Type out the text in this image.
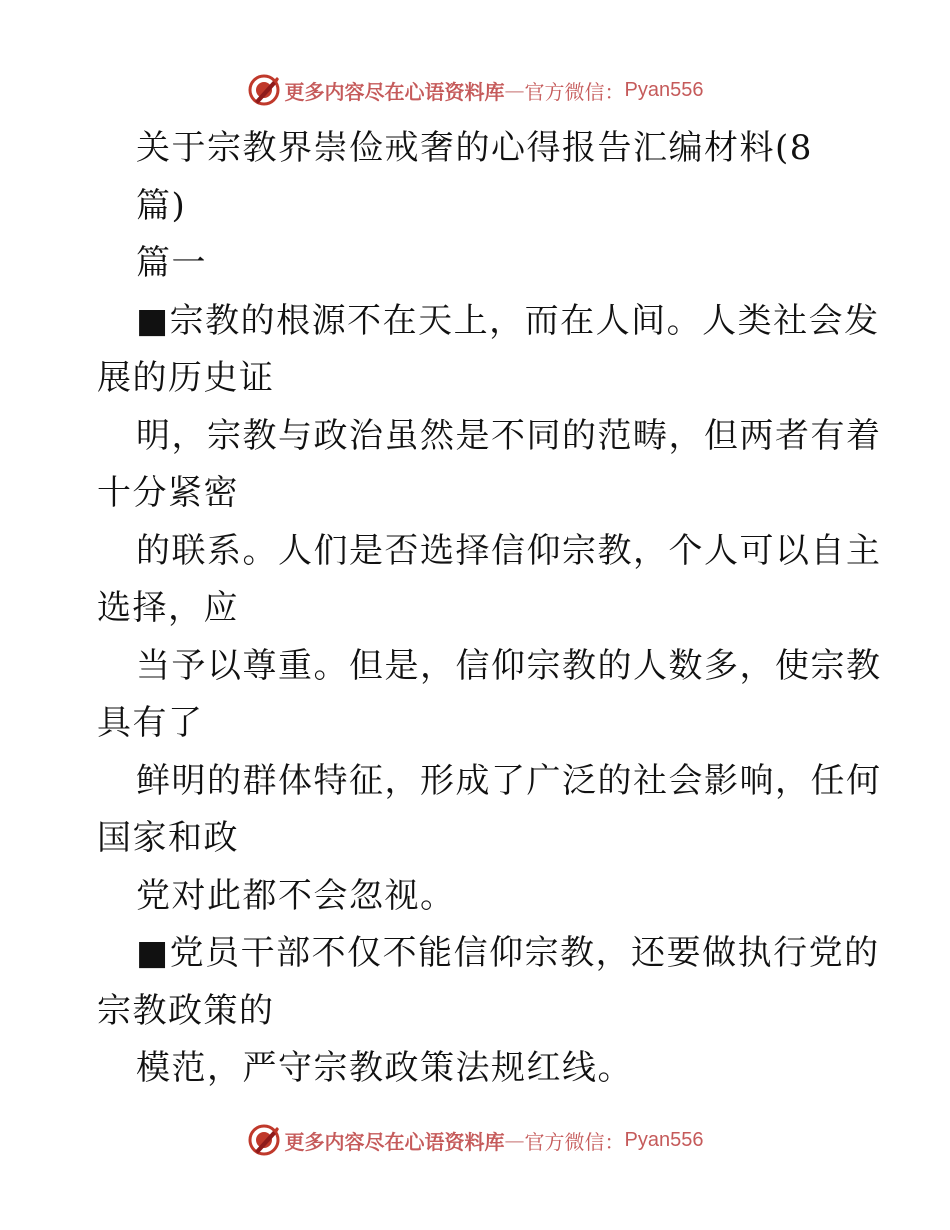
更多内容尽在心语资料库 — 官方微信： Pyan556
关于宗教界崇俭戒奢的心得报告汇编材料(8
篇)
篇一
■宗教的根源不在天上，而在人间。人类社会发
展的历史证
明，宗教与政治虽然是不同的范畴，但两者有着
十分紧密
的联系。人们是否选择信仰宗教，个人可以自主
选择，应
当予以尊重。但是，信仰宗教的人数多，使宗教
具有了
鲜明的群体特征，形成了广泛的社会影响，任何
国家和政
党对此都不会忽视。
■党员干部不仅不能信仰宗教，还要做执行党的
宗教政策的
模范，严守宗教政策法规红线。
更多内容尽在心语资料库 — 官方微信： Pyan556
